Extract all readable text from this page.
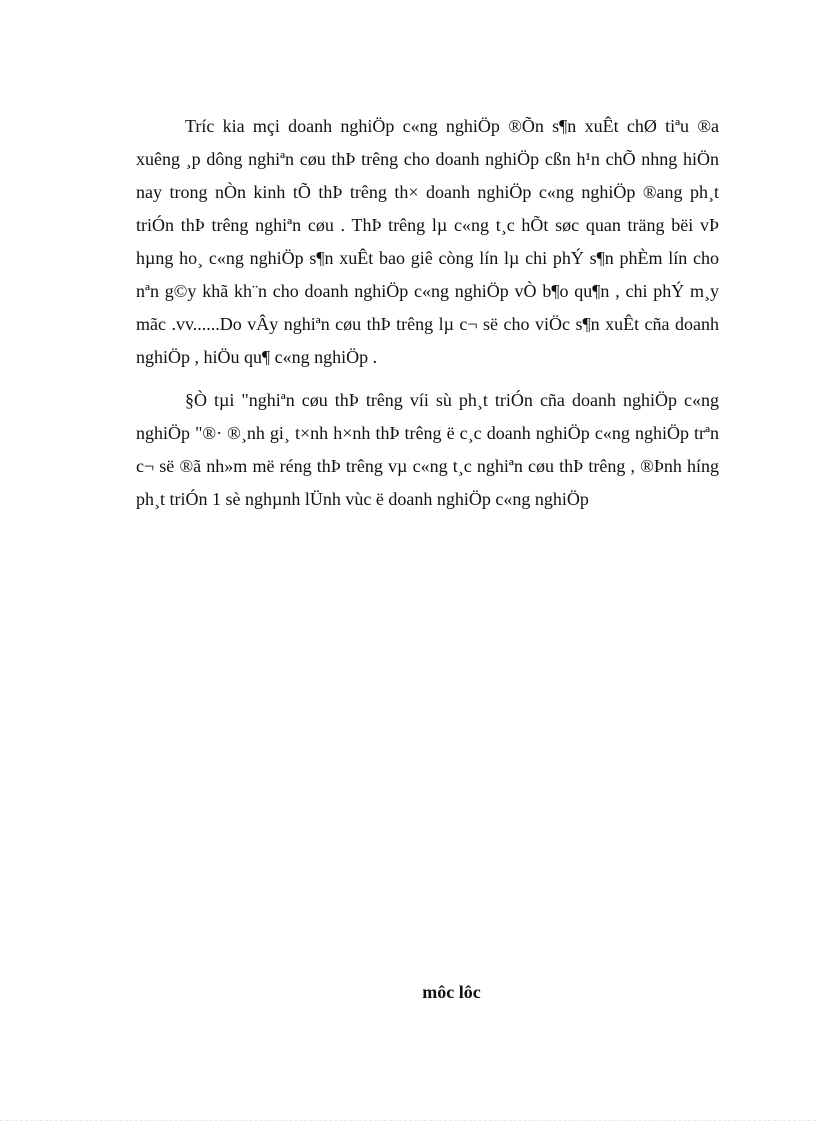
Tríc kia mçi doanh nghiÖp c«ng nghiÖp ®Õn s¶n xuÊt chØ tiªu ®a xuêng ¸p dông nghiªn cøu thÞ trêng cho doanh nghiÖp cßn h¹n chÕ nhng hiÖn nay trong nÒn kinh tÕ thÞ trêng th× doanh nghiÖp c«ng nghiÖp ®ang ph¸t triÓn thÞ trêng nghiªn cøu . ThÞ trêng lµ c«ng t¸c hÕt søc quan träng bëi vÞ hµng ho¸ c«ng nghiÖp s¶n xuÊt bao giê còng lín lµ chi phÝ s¶n phÈm lín cho nªn g©y khã kh¨n cho doanh nghiÖp c«ng nghiÖp vÒ b¶o qu¶n , chi phÝ m¸y mãc .vv......Do vÂy nghiªn cøu thÞ trêng lµ c¬ së cho viÖc s¶n xuÊt cña doanh nghiÖp , hiÖu qu¶ c«ng nghiÖp .

§Ò tµi "nghiªn cøu thÞ trêng víi sù ph¸t triÓn cña doanh nghiÖp c«ng nghiÖp "®· ®¸nh gi¸ t×nh h×nh thÞ trêng ë c¸c doanh nghiÖp c«ng nghiÖp trªn c¬ së ®ã nh»m më réng thÞ trêng vµ c«ng t¸c nghiªn cøu thÞ trêng , ®Þnh híng ph¸t triÓn 1 sè nghµnh lÜnh vùc ë doanh nghiÖp c«ng nghiÖp

môc lôc
